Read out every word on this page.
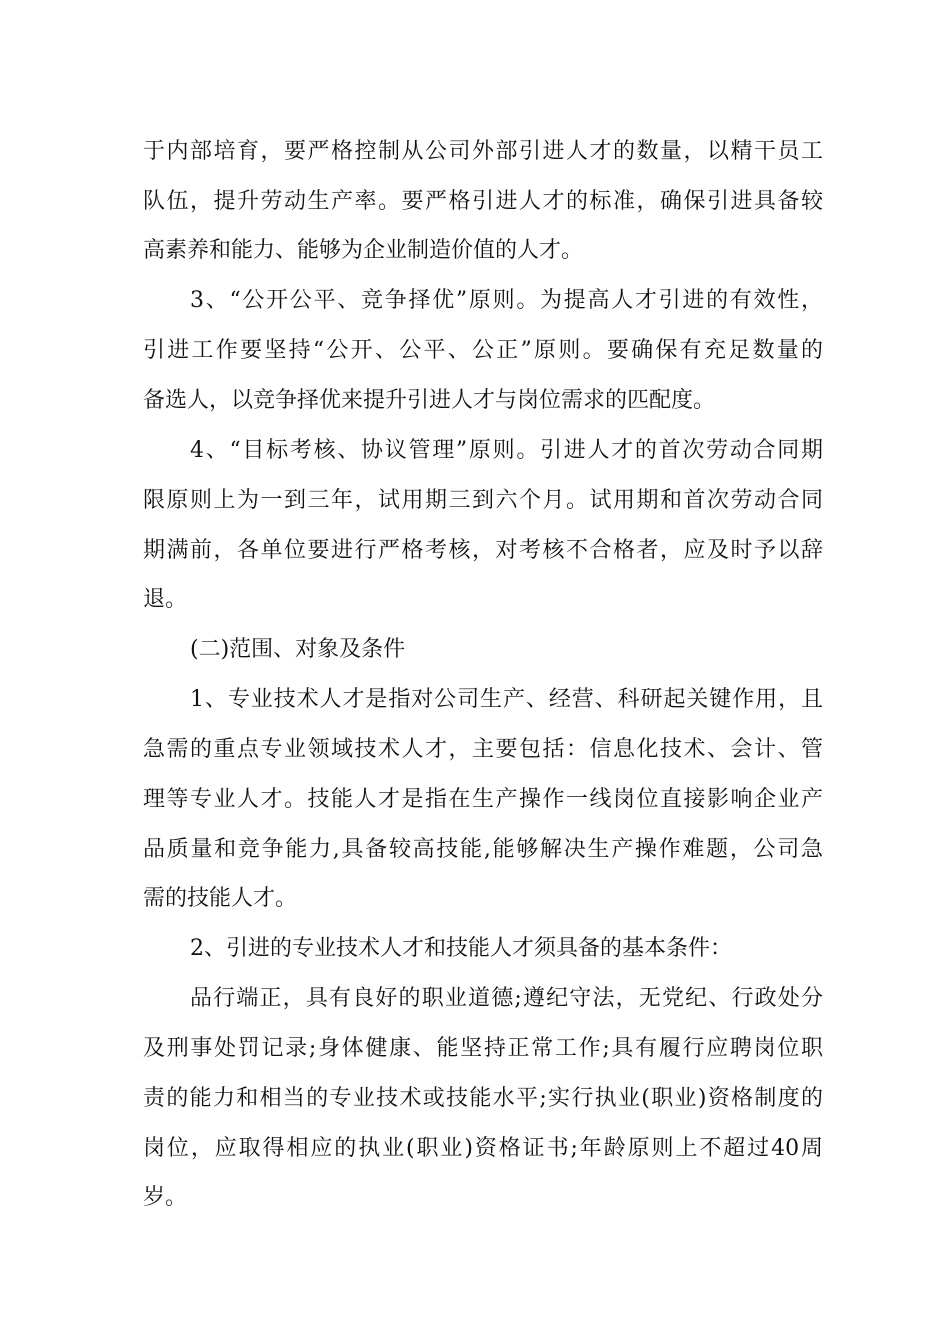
于内部培育，要严格控制从公司外部引进人才的数量，以精干员工
队伍，提升劳动生产率。要严格引进人才的标准，确保引进具备较
高素养和能力、能够为企业制造价值的人才。
3、“公开公平、竞争择优”原则。为提高人才引进的有效性，
引进工作要坚持“公开、公平、公正”原则。要确保有充足数量的
备选人，以竞争择优来提升引进人才与岗位需求的匹配度。
4、“目标考核、协议管理”原则。引进人才的首次劳动合同期
限原则上为一到三年，试用期三到六个月。试用期和首次劳动合同
期满前，各单位要进行严格考核，对考核不合格者，应及时予以辞
退。
(二)范围、对象及条件
1、专业技术人才是指对公司生产、经营、科研起关键作用，且
急需的重点专业领域技术人才，主要包括：信息化技术、会计、管
理等专业人才。技能人才是指在生产操作一线岗位直接影响企业产
品质量和竞争能力,具备较高技能,能够解决生产操作难题，公司急
需的技能人才。
2、引进的专业技术人才和技能人才须具备的基本条件：
品行端正，具有良好的职业道德;遵纪守法，无党纪、行政处分
及刑事处罚记录;身体健康、能坚持正常工作;具有履行应聘岗位职
责的能力和相当的专业技术或技能水平;实行执业(职业)资格制度的
岗位，应取得相应的执业(职业)资格证书;年龄原则上不超过40周
岁。
